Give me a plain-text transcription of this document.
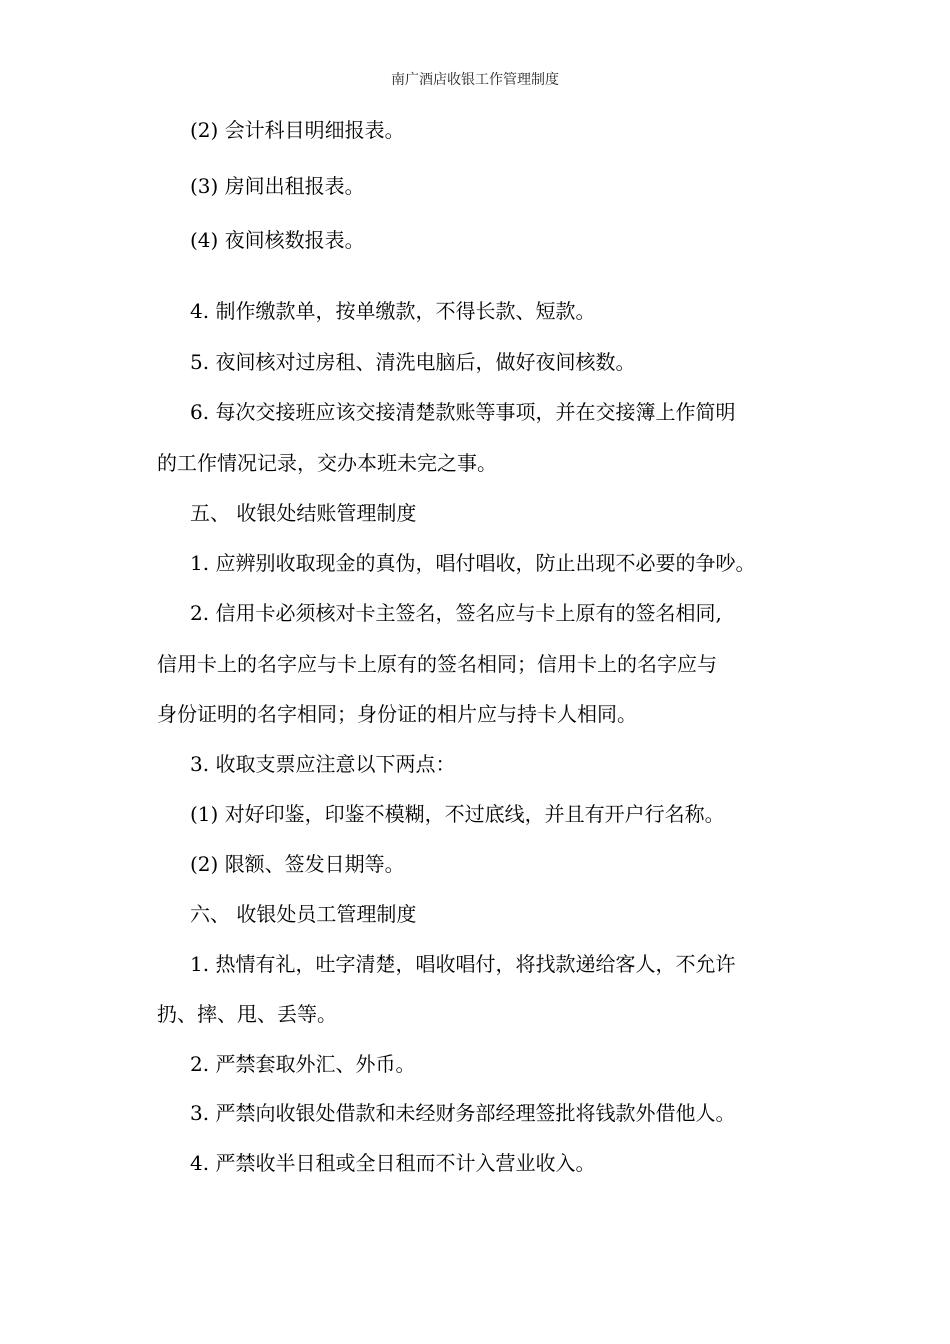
南广酒店收银工作管理制度
(2) 会计科目明细报表。
(3) 房间出租报表。
(4) 夜间核数报表。
4. 制作缴款单，按单缴款，不得长款、短款。
5. 夜间核对过房租、清洗电脑后，做好夜间核数。
6. 每次交接班应该交接清楚款账等事项，并在交接簿上作简明
的工作情况记录，交办本班未完之事。
五、 收银处结账管理制度
1. 应辨别收取现金的真伪，唱付唱收，防止出现不必要的争吵。
2. 信用卡必须核对卡主签名，签名应与卡上原有的签名相同,
信用卡上的名字应与卡上原有的签名相同；信用卡上的名字应与
身份证明的名字相同；身份证的相片应与持卡人相同。
3. 收取支票应注意以下两点：
(1) 对好印鉴，印鉴不模糊，不过底线，并且有开户行名称。
(2) 限额、签发日期等。
六、 收银处员工管理制度
1. 热情有礼，吐字清楚，唱收唱付，将找款递给客人，不允许
扔、摔、甩、丢等。
2. 严禁套取外汇、外币。
3. 严禁向收银处借款和未经财务部经理签批将钱款外借他人。
4. 严禁收半日租或全日租而不计入营业收入。
